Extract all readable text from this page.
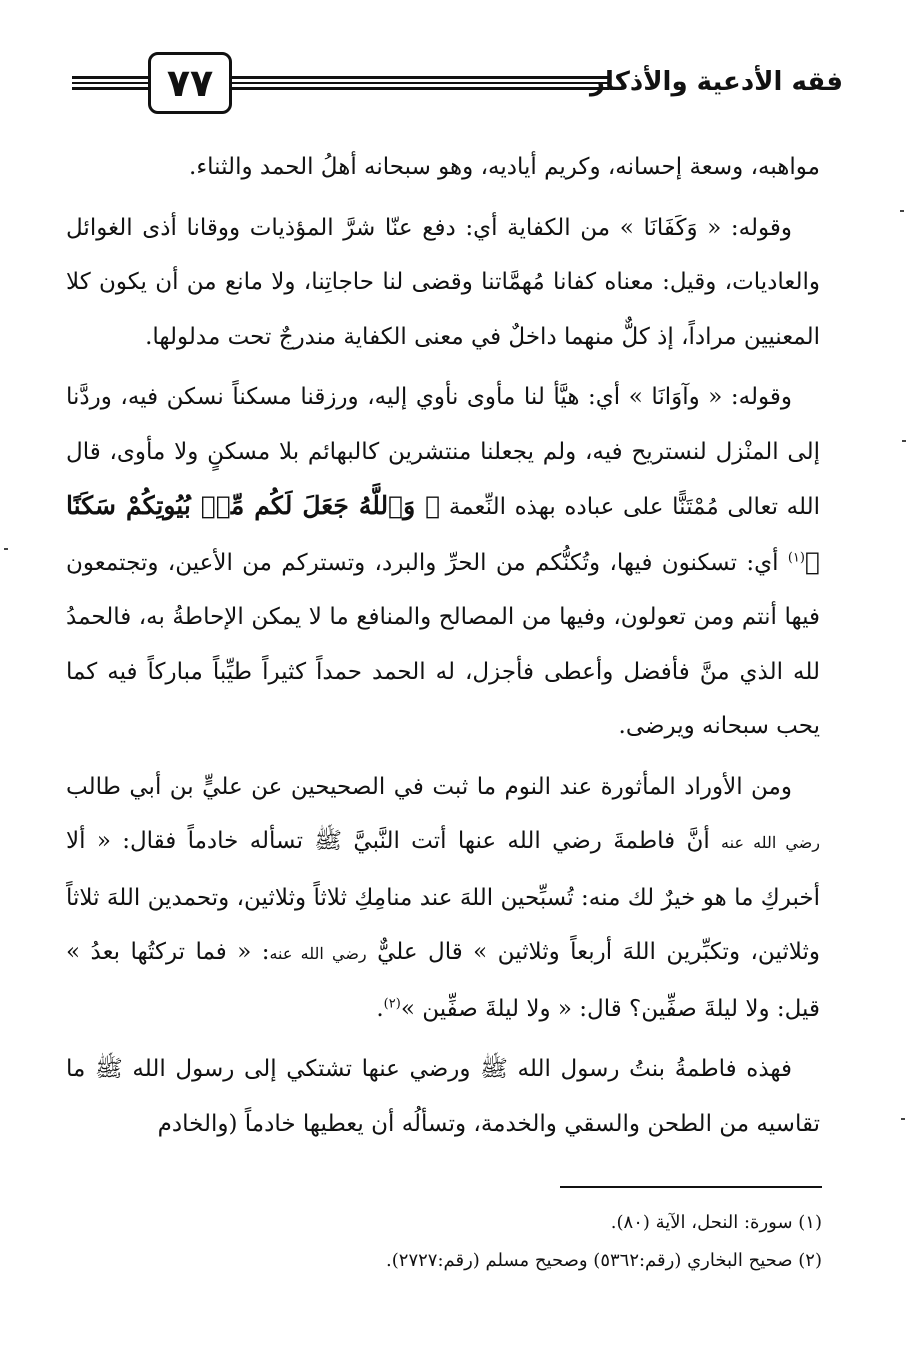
٧٧	فقه الأدعية والأذكار

مواهبه، وسعة إحسانه، وكريم أياديه، وهو سبحانه أهلُ الحمد والثناء.

وقوله: « وَكَفَانَا » من الكفاية أي: دفع عنّا شرَّ المؤذيات ووقانا أذى الغوائل والعاديات، وقيل: معناه كفانا مُهمَّاتنا وقضى لنا حاجاتِنا، ولا مانع من أن يكون كلا المعنيين مراداً، إذ كلٌّ منهما داخلٌ في معنى الكفاية مندرجٌ تحت مدلولها.

وقوله: « وآوَانَا » أي: هيَّأ لنا مأوى نأوي إليه، ورزقنا مسكناً نسكن فيه، وردَّنا إلى المنْزل لنستريح فيه، ولم يجعلنا منتشرين كالبهائم بلا مسكنٍ ولا مأوى، قال الله تعالى مُمْتَنًّا على عباده بهذه النِّعمة ﴿ وَٱللَّهُ جَعَلَ لَكُم مِّنۢ بُيُوتِكُمْ سَكَنًا ﴾$^{(١)}$ أي: تسكنون فيها، وتُكنُّكم من الحرِّ والبرد، وتستركم من الأعين، وتجتمعون فيها أنتم ومن تعولون، وفيها من المصالح والمنافع ما لا يمكن الإحاطةُ به، فالحمدُ لله الذي منَّ فأفضل وأعطى فأجزل، له الحمد حمداً كثيراً طيِّباً مباركاً فيه كما يحب سبحانه ويرضى.

ومن الأوراد المأثورة عند النوم ما ثبت في الصحيحين عن عليٍّ بن أبي طالب رضي الله عنه أنَّ فاطمةَ رضي الله عنها أتت النَّبيَّ ﷺ تسأله خادماً فقال: « ألا أخبركِ ما هو خيرٌ لك منه: تُسبِّحين اللهَ عند منامِكِ ثلاثاً وثلاثين، وتحمدين اللهَ ثلاثاً وثلاثين، وتكبِّرين اللهَ أربعاً وثلاثين » قال عليٌّ رضي الله عنه: « فما تركتُها بعدُ » قيل: ولا ليلةَ صفِّين؟ قال: « ولا ليلةَ صفِّين »$^{(٢)}$.

فهذه فاطمةُ بنتُ رسول الله ﷺ ورضي عنها تشتكي إلى رسول الله ﷺ ما تقاسيه من الطحن والسقي والخدمة، وتسألُه أن يعطيها خادماً (والخادم

(١) سورة: النحل، الآية (٨٠).
(٢) صحيح البخاري (رقم:٥٣٦٢) وصحيح مسلم (رقم:٢٧٢٧).
